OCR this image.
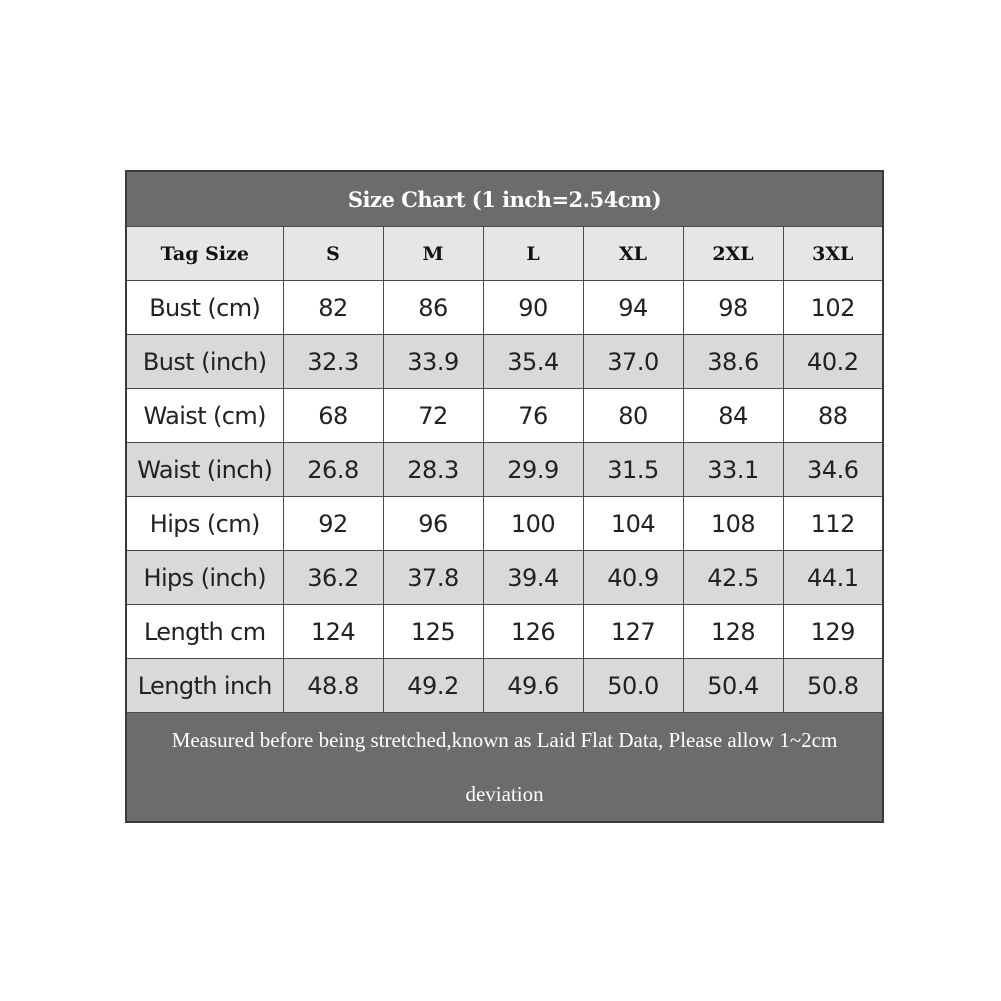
Size Chart (1 inch=2.54cm)						
Tag Size	S	M	L	XL	2XL	3XL
Bust (cm)	82	86	90	94	98	102
Bust (inch)	32.3	33.9	35.4	37.0	38.6	40.2
Waist (cm)	68	72	76	80	84	88
Waist (inch)	26.8	28.3	29.9	31.5	33.1	34.6
Hips (cm)	92	96	100	104	108	112
Hips (inch)	36.2	37.8	39.4	40.9	42.5	44.1
Length cm	124	125	126	127	128	129
Length inch	48.8	49.2	49.6	50.0	50.4	50.8
Measured before being stretched,known as Laid Flat Data, Please allow 1~2cm deviation						
